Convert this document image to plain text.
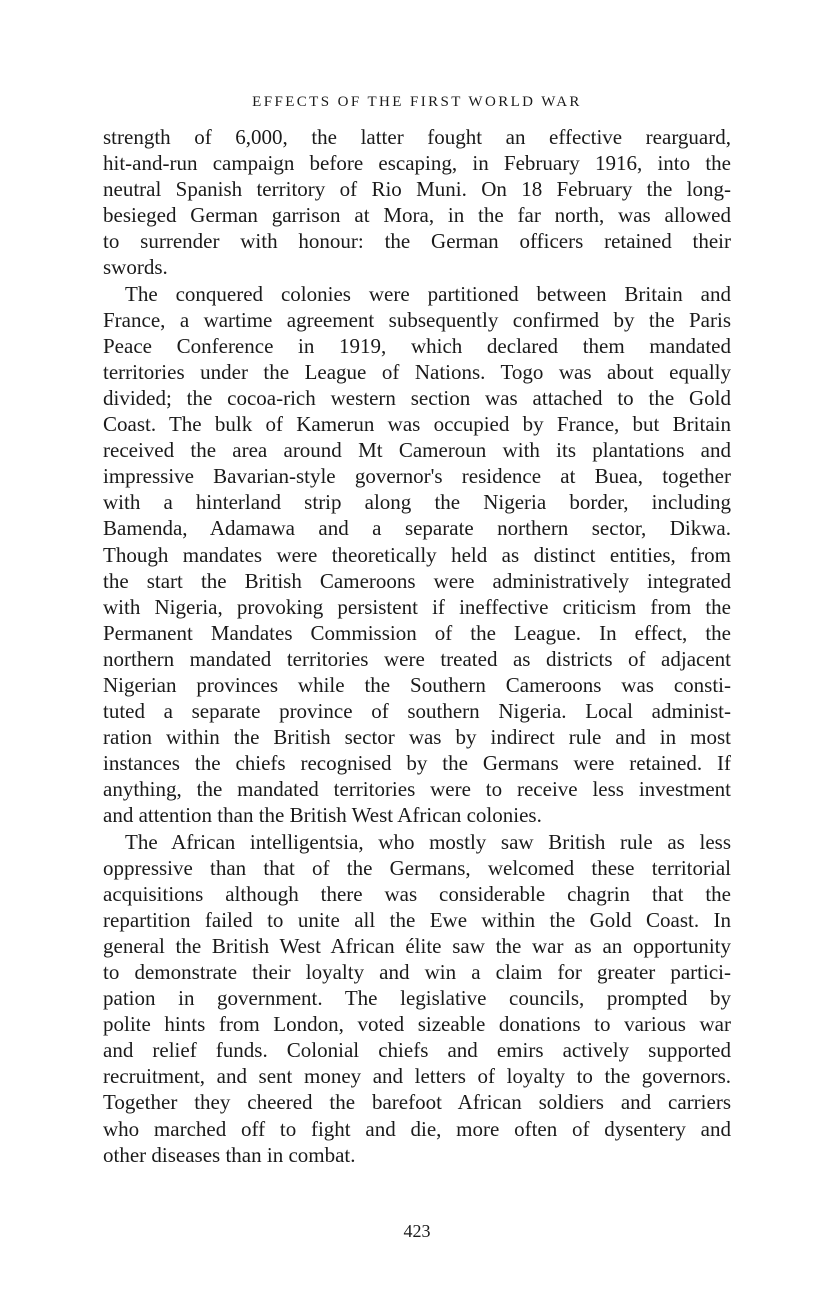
EFFECTS OF THE FIRST WORLD WAR
strength of 6,000, the latter fought an effective rearguard,
hit-and-run campaign before escaping, in February 1916, into the
neutral Spanish territory of Rio Muni. On 18 February the long-
besieged German garrison at Mora, in the far north, was allowed
to surrender with honour: the German officers retained their
swords.
The conquered colonies were partitioned between Britain and
France, a wartime agreement subsequently confirmed by the Paris
Peace Conference in 1919, which declared them mandated
territories under the League of Nations. Togo was about equally
divided; the cocoa-rich western section was attached to the Gold
Coast. The bulk of Kamerun was occupied by France, but Britain
received the area around Mt Cameroun with its plantations and
impressive Bavarian-style governor's residence at Buea, together
with a hinterland strip along the Nigeria border, including
Bamenda, Adamawa and a separate northern sector, Dikwa.
Though mandates were theoretically held as distinct entities, from
the start the British Cameroons were administratively integrated
with Nigeria, provoking persistent if ineffective criticism from the
Permanent Mandates Commission of the League. In effect, the
northern mandated territories were treated as districts of adjacent
Nigerian provinces while the Southern Cameroons was consti-
tuted a separate province of southern Nigeria. Local administ-
ration within the British sector was by indirect rule and in most
instances the chiefs recognised by the Germans were retained. If
anything, the mandated territories were to receive less investment
and attention than the British West African colonies.
The African intelligentsia, who mostly saw British rule as less
oppressive than that of the Germans, welcomed these territorial
acquisitions although there was considerable chagrin that the
repartition failed to unite all the Ewe within the Gold Coast. In
general the British West African élite saw the war as an opportunity
to demonstrate their loyalty and win a claim for greater partici-
pation in government. The legislative councils, prompted by
polite hints from London, voted sizeable donations to various war
and relief funds. Colonial chiefs and emirs actively supported
recruitment, and sent money and letters of loyalty to the governors.
Together they cheered the barefoot African soldiers and carriers
who marched off to fight and die, more often of dysentery and
other diseases than in combat.
423
